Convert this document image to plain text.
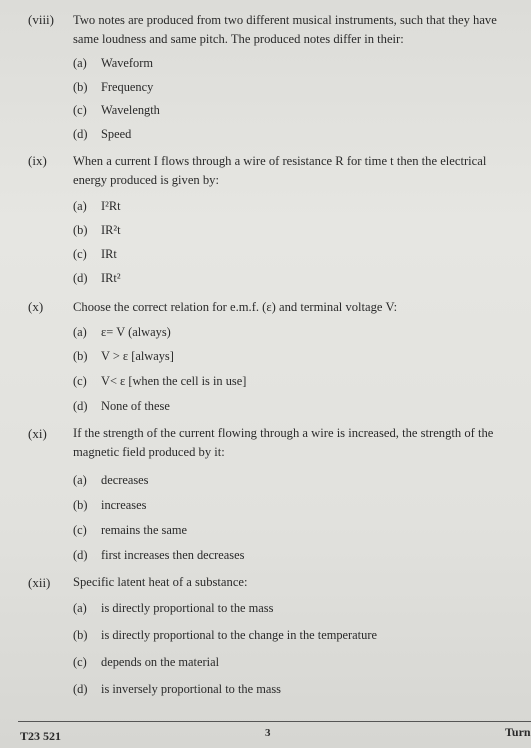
(viii) Two notes are produced from two different musical instruments, such that they have same loudness and same pitch. The produced notes differ in their:
(a) Waveform
(b) Frequency
(c) Wavelength
(d) Speed
(ix) When a current I flows through a wire of resistance R for time t then the electrical energy produced is given by:
(a) I²Rt
(b) IR²t
(c) IRt
(d) IRt²
(x) Choose the correct relation for e.m.f. (ε) and terminal voltage V:
(a) ε= V (always)
(b) V > ε [always]
(c) V< ε [when the cell is in use]
(d) None of these
(xi) If the strength of the current flowing through a wire is increased, the strength of the magnetic field produced by it:
(a) decreases
(b) increases
(c) remains the same
(d) first increases then decreases
(xii) Specific latent heat of a substance:
(a) is directly proportional to the mass
(b) is directly proportional to the change in the temperature
(c) depends on the material
(d) is inversely proportional to the mass
T23 521	3	Turn
